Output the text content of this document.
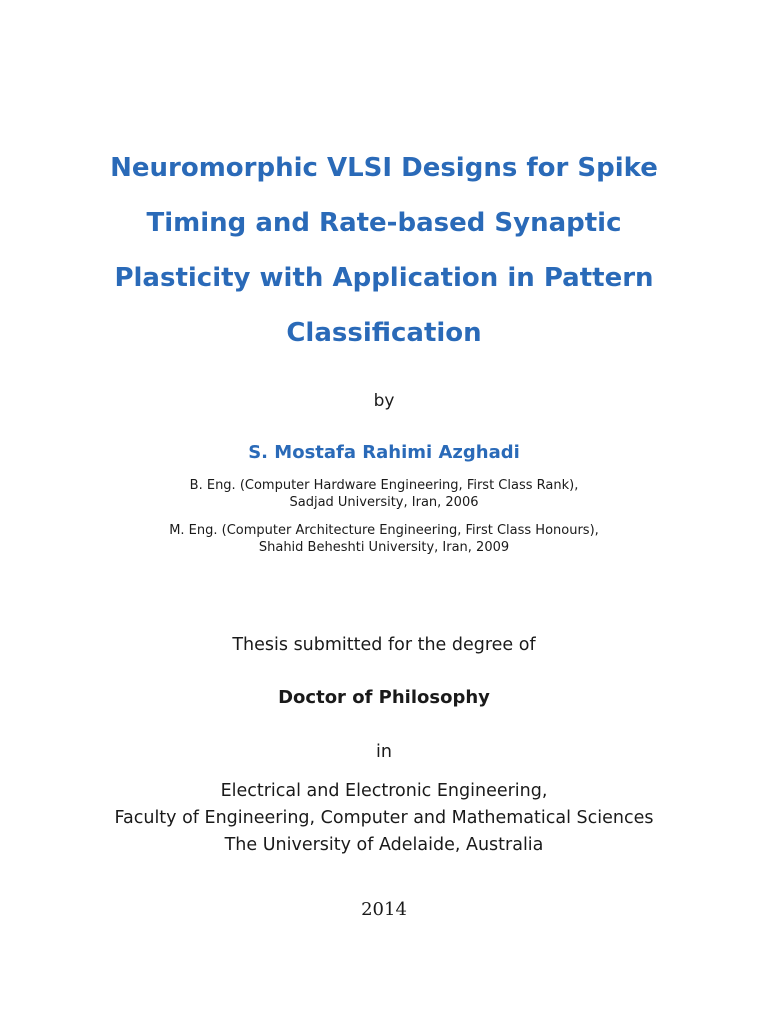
Neuromorphic VLSI Designs for Spike
Timing and Rate-based Synaptic
Plasticity with Application in Pattern
Classification
by
S. Mostafa Rahimi Azghadi
B. Eng. (Computer Hardware Engineering, First Class Rank),
Sadjad University, Iran, 2006
M. Eng. (Computer Architecture Engineering, First Class Honours),
Shahid Beheshti University, Iran, 2009
Thesis submitted for the degree of
Doctor of Philosophy
in
Electrical and Electronic Engineering,
Faculty of Engineering, Computer and Mathematical Sciences
The University of Adelaide, Australia
2014
